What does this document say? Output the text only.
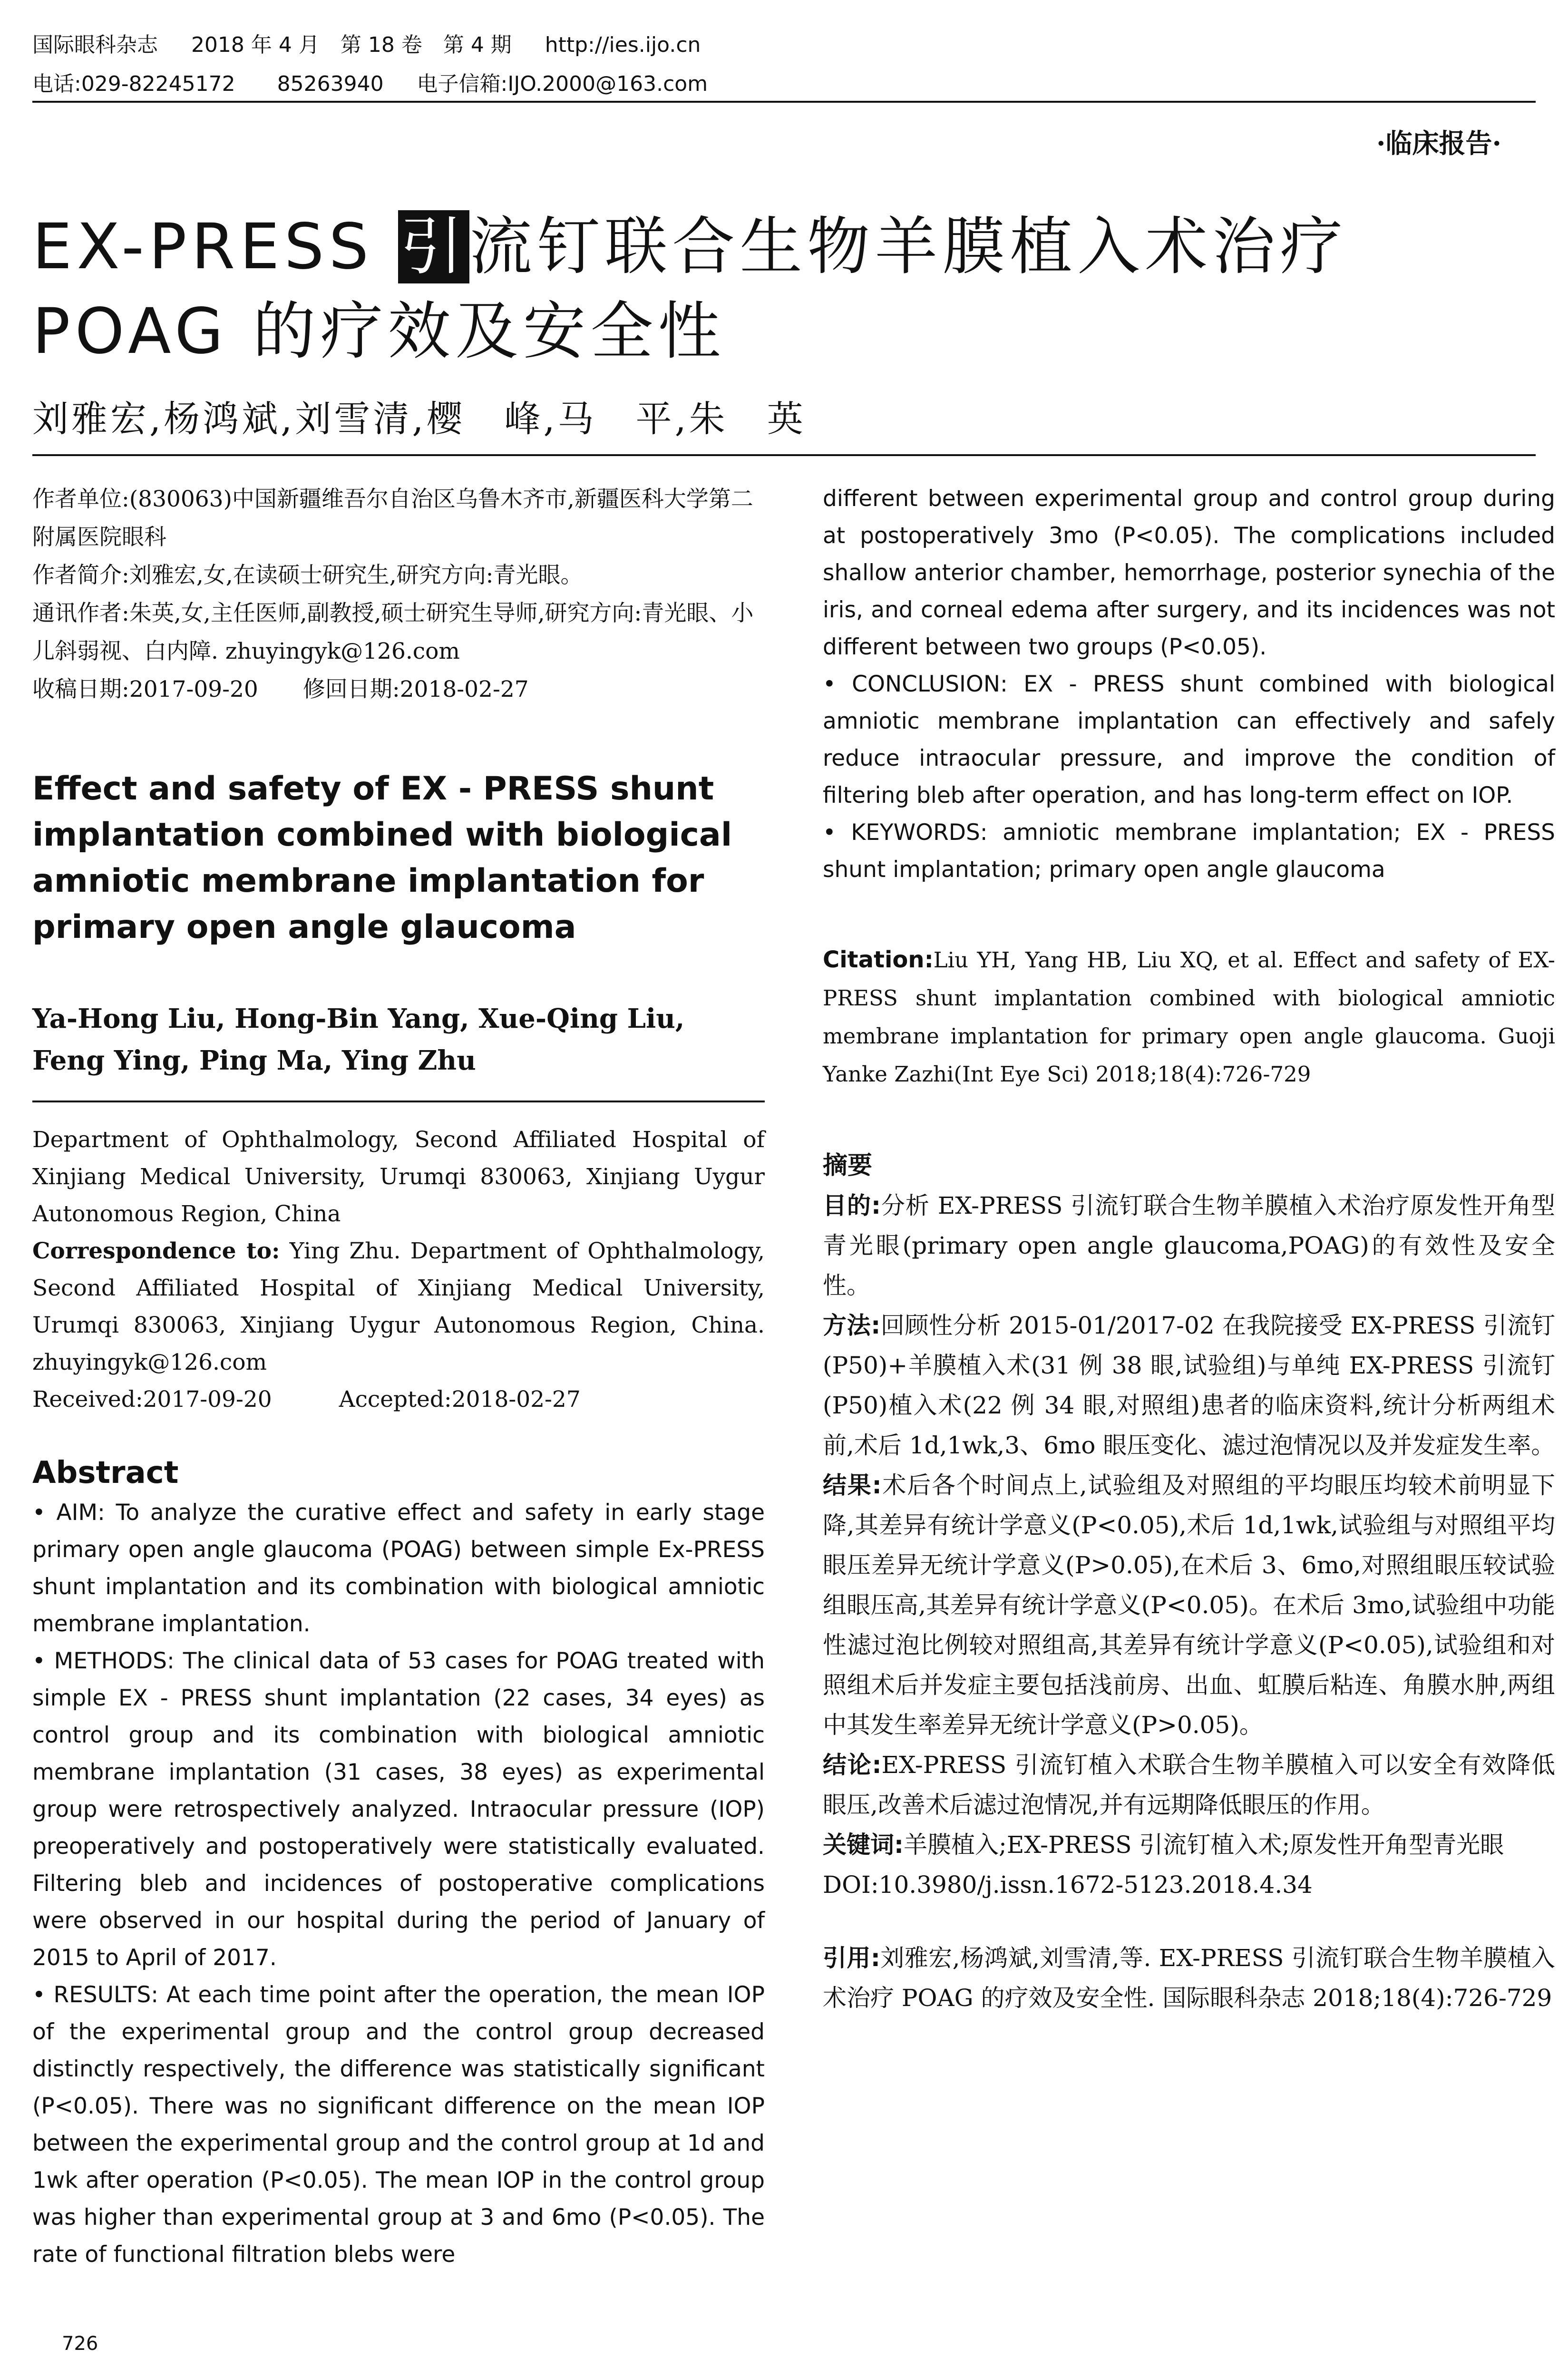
国际眼科杂志 2018 年 4 月　第 18 卷　第 4 期 http://ies.ijo.cn
电话:029-82245172　　85263940 电子信箱:IJO.2000@163.com
·临床报告·
EX-PRESS 引流钉联合生物羊膜植入术治疗 POAG 的疗效及安全性
刘雅宏,杨鸿斌,刘雪清,樱　峰,马　平,朱　英

作者单位:(830063)中国新疆维吾尔自治区乌鲁木齐市,新疆医科大学第二附属医院眼科

作者简介:刘雅宏,女,在读硕士研究生,研究方向:青光眼。

通讯作者:朱英,女,主任医师,副教授,硕士研究生导师,研究方向:青光眼、小儿斜弱视、白内障. zhuyingyk@126.com

收稿日期:2017-09-20　　修回日期:2018-02-27

Effect and safety of EX - PRESS shunt implantation combined with biological amniotic membrane implantation for primary open angle glaucoma

Ya-Hong Liu, Hong-Bin Yang, Xue-Qing Liu, Feng Ying, Ping Ma, Ying Zhu

Department of Ophthalmology, Second Affiliated Hospital of Xinjiang Medical University, Urumqi 830063, Xinjiang Uygur Autonomous Region, China

Correspondence to: Ying Zhu. Department of Ophthalmology, Second Affiliated Hospital of Xinjiang Medical University, Urumqi 830063, Xinjiang Uygur Autonomous Region, China. zhuyingyk@126.com

Received:2017-09-20　　　Accepted:2018-02-27

Abstract

• AIM: To analyze the curative effect and safety in early stage primary open angle glaucoma (POAG) between simple Ex-PRESS shunt implantation and its combination with biological amniotic membrane implantation.

• METHODS: The clinical data of 53 cases for POAG treated with simple EX - PRESS shunt implantation (22 cases, 34 eyes) as control group and its combination with biological amniotic membrane implantation (31 cases, 38 eyes) as experimental group were retrospectively analyzed. Intraocular pressure (IOP) preoperatively and postoperatively were statistically evaluated. Filtering bleb and incidences of postoperative complications were observed in our hospital during the period of January of 2015 to April of 2017.

• RESULTS: At each time point after the operation, the mean IOP of the experimental group and the control group decreased distinctly respectively, the difference was statistically significant (P<0.05). There was no significant difference on the mean IOP between the experimental group and the control group at 1d and 1wk after operation (P<0.05). The mean IOP in the control group was higher than experimental group at 3 and 6mo (P<0.05). The rate of functional filtration blebs were

different between experimental group and control group during at postoperatively 3mo (P<0.05). The complications included shallow anterior chamber, hemorrhage, posterior synechia of the iris, and corneal edema after surgery, and its incidences was not different between two groups (P<0.05).

• CONCLUSION: EX - PRESS shunt combined with biological amniotic membrane implantation can effectively and safely reduce intraocular pressure, and improve the condition of filtering bleb after operation, and has long-term effect on IOP.

• KEYWORDS: amniotic membrane implantation; EX - PRESS shunt implantation; primary open angle glaucoma

Citation:Liu YH, Yang HB, Liu XQ, et al. Effect and safety of EX-PRESS shunt implantation combined with biological amniotic membrane implantation for primary open angle glaucoma. Guoji Yanke Zazhi(Int Eye Sci) 2018;18(4):726-729

摘要

目的:分析 EX-PRESS 引流钉联合生物羊膜植入术治疗原发性开角型青光眼(primary open angle glaucoma,POAG)的有效性及安全性。

方法:回顾性分析 2015-01/2017-02 在我院接受 EX-PRESS 引流钉(P50)+羊膜植入术(31 例 38 眼,试验组)与单纯 EX-PRESS 引流钉(P50)植入术(22 例 34 眼,对照组)患者的临床资料,统计分析两组术前,术后 1d,1wk,3、6mo 眼压变化、滤过泡情况以及并发症发生率。

结果:术后各个时间点上,试验组及对照组的平均眼压均较术前明显下降,其差异有统计学意义(P<0.05),术后 1d,1wk,试验组与对照组平均眼压差异无统计学意义(P>0.05),在术后 3、6mo,对照组眼压较试验组眼压高,其差异有统计学意义(P<0.05)。在术后 3mo,试验组中功能性滤过泡比例较对照组高,其差异有统计学意义(P<0.05),试验组和对照组术后并发症主要包括浅前房、出血、虹膜后粘连、角膜水肿,两组中其发生率差异无统计学意义(P>0.05)。

结论:EX-PRESS 引流钉植入术联合生物羊膜植入可以安全有效降低眼压,改善术后滤过泡情况,并有远期降低眼压的作用。

关键词:羊膜植入;EX-PRESS 引流钉植入术;原发性开角型青光眼

DOI:10.3980/j.issn.1672-5123.2018.4.34

引用:刘雅宏,杨鸿斌,刘雪清,等. EX-PRESS 引流钉联合生物羊膜植入术治疗 POAG 的疗效及安全性. 国际眼科杂志 2018;18(4):726-729

726
